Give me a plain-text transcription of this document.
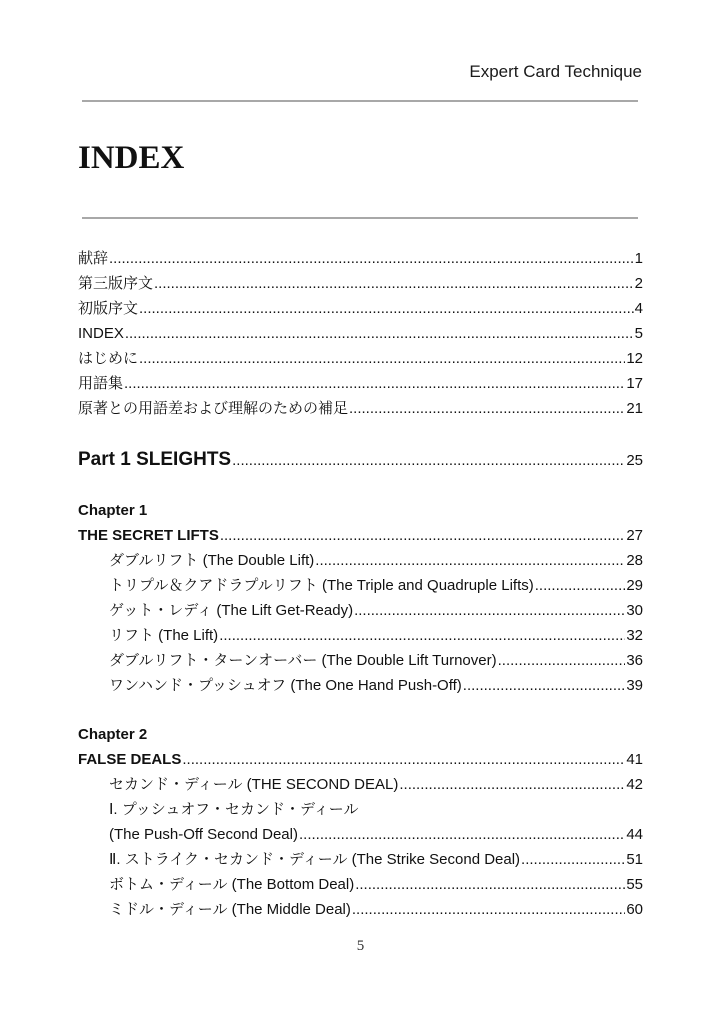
Expert Card Technique
INDEX
献辞 .....	1
第三版序文 .....	2
初版序文 .....	4
INDEX .....	5
はじめに .....	12
用語集 .....	17
原著との用語差および理解のための補足 .....	21
Part 1 SLEIGHTS .....	25
Chapter 1
THE SECRET LIFTS .....	27
ダブルリフト (The Double Lift) .....	28
トリプル＆クアドラプルリフト (The Triple and Quadruple Lifts) .....	29
ゲット・レディ (The Lift Get-Ready) .....	30
リフト (The Lift) .....	32
ダブルリフト・ターンオーバー (The Double Lift Turnover) .....	36
ワンハンド・プッシュオフ (The One Hand Push-Off) .....	39
Chapter 2
FALSE DEALS .....	41
セカンド・ディール (THE SECOND DEAL) .....	42
Ⅰ. プッシュオフ・セカンド・ディール
(The Push-Off Second Deal) .....	44
Ⅱ. ストライク・セカンド・ディール (The Strike Second Deal) .....	51
ボトム・ディール (The Bottom Deal) .....	55
ミドル・ディール (The Middle Deal) .....	60
5
